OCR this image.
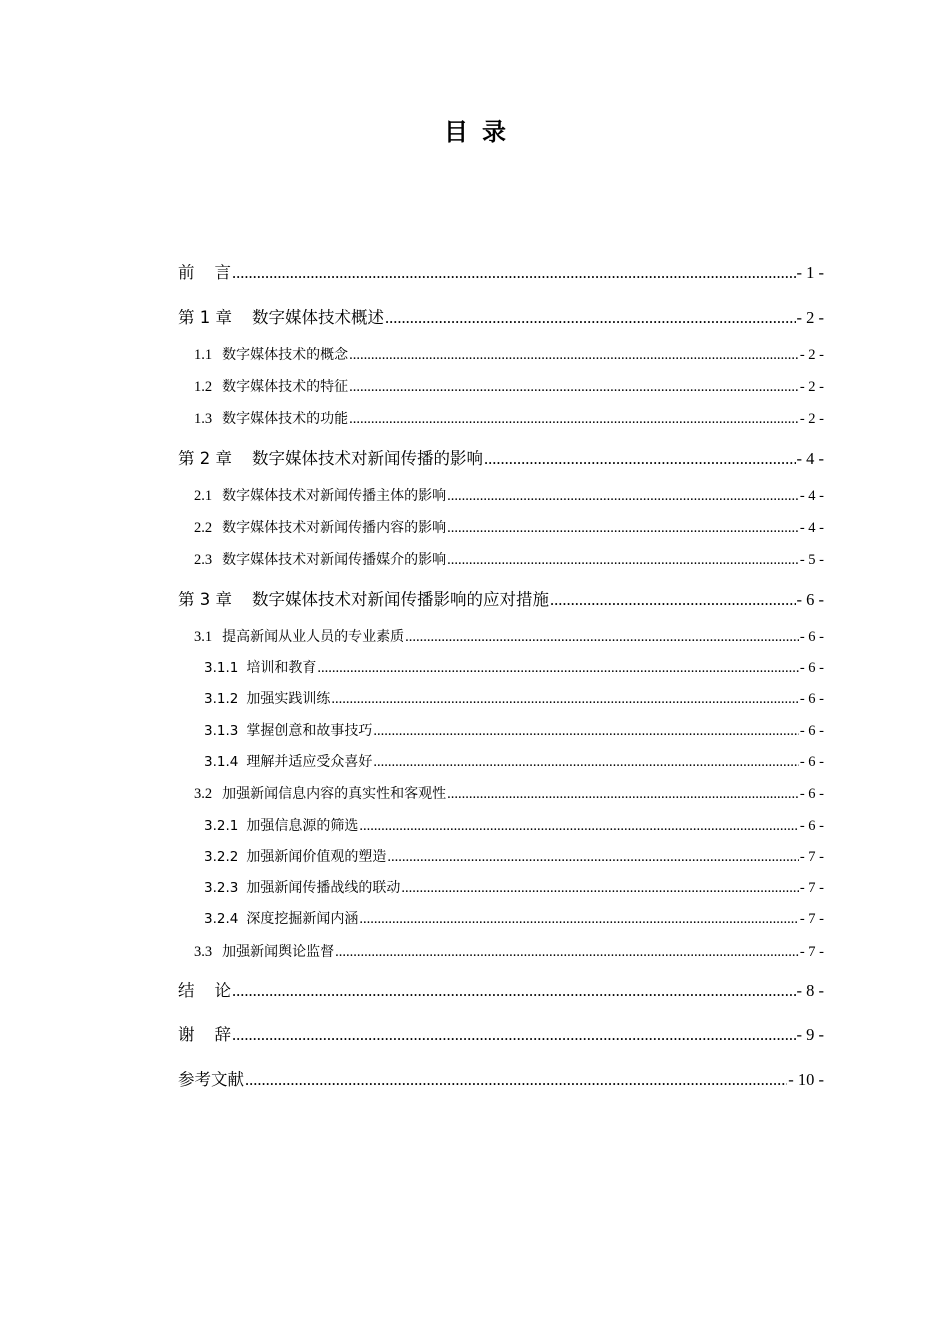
目 录
前 言 .....	- 1 -
第 1 章 数字媒体技术概述 .....	- 2 -
1.1 数字媒体技术的概念 .....	- 2 -
1.2 数字媒体技术的特征 .....	- 2 -
1.3 数字媒体技术的功能 .....	- 2 -
第 2 章 数字媒体技术对新闻传播的影响 .....	- 4 -
2.1 数字媒体技术对新闻传播主体的影响 .....	- 4 -
2.2 数字媒体技术对新闻传播内容的影响 .....	- 4 -
2.3 数字媒体技术对新闻传播媒介的影响 .....	- 5 -
第 3 章 数字媒体技术对新闻传播影响的应对措施 .....	- 6 -
3.1 提高新闻从业人员的专业素质 .....	- 6 -
3.1.1 培训和教育 .....	- 6 -
3.1.2 加强实践训练 .....	- 6 -
3.1.3 掌握创意和故事技巧 .....	- 6 -
3.1.4 理解并适应受众喜好 .....	- 6 -
3.2 加强新闻信息内容的真实性和客观性 .....	- 6 -
3.2.1 加强信息源的筛选 .....	- 6 -
3.2.2 加强新闻价值观的塑造 .....	- 7 -
3.2.3 加强新闻传播战线的联动 .....	- 7 -
3.2.4 深度挖掘新闻内涵 .....	- 7 -
3.3 加强新闻舆论监督 .....	- 7 -
结 论 .....	- 8 -
谢 辞 .....	- 9 -
参考文献 .....	- 10 -
